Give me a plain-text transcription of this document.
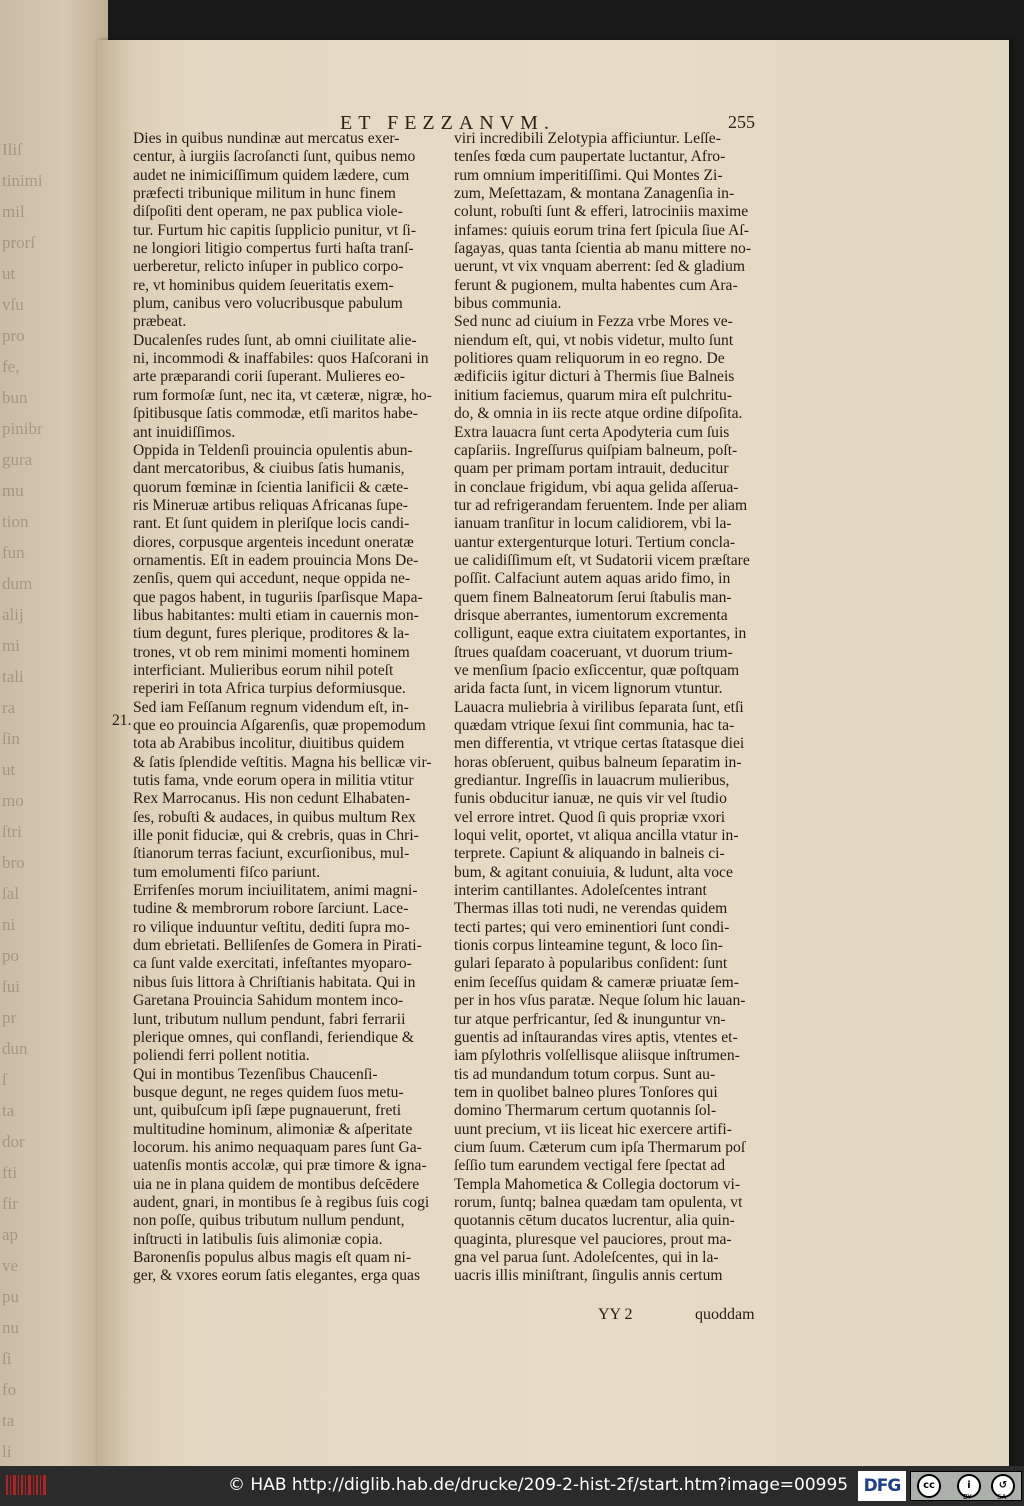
Iliſ
tinimi
mil
prorſ
ut
vſu
pro
fe,
bun
pinibr
gura
mu
tion
fun
dum
alij
mi
tali
ra
ſin
ut
mo
ſtri
bro
ſal
ni
po
ſui
pr
dun
ſ
ta
dor
fti
fir
ap
ve
pu
nu
ſi
fo
ta
li
ET FEZZANVM.	255
Dies in quibus nundinæ aut mercatus exer-
centur, à iurgiis ſacroſancti ſunt, quibus nemo
audet ne inimiciſſimum quidem lædere, cum
præfecti tribunique militum in hunc finem
diſpoſiti dent operam, ne pax publica viole-
tur. Furtum hic capitis ſupplicio punitur, vt ſi-
ne longiori litigio compertus furti haſta tranſ-
uerberetur, relicto inſuper in publico corpo-
re, vt hominibus quidem ſeueritatis exem-
plum, canibus vero volucribusque pabulum
præbeat.
Ducalenſes rudes ſunt, ab omni ciuilitate alie-
ni, incommodi & inaffabiles: quos Haſcorani in
arte præparandi corii ſuperant. Mulieres eo-
rum formoſæ ſunt, nec ita, vt cæteræ, nigræ, ho-
ſpitibusque ſatis commodæ, etſi maritos habe-
ant inuidiſſimos.
Oppida in Teldenſi prouincia opulentis abun-
dant mercatoribus, & ciuibus ſatis humanis,
quorum fœminæ in ſcientia lanificii & cæte-
ris Mineruæ artibus reliquas Africanas ſupe-
rant. Et ſunt quidem in pleriſque locis candi-
diores, corpusque argenteis incedunt oneratæ
ornamentis. Eſt in eadem prouincia Mons De-
zenſis, quem qui accedunt, neque oppida ne-
que pagos habent, in tuguriis ſparſisque Mapa-
libus habitantes: multi etiam in cauernis mon-
tium degunt, fures plerique, proditores & la-
trones, vt ob rem minimi momenti hominem
interficiant. Mulieribus eorum nihil poteſt
reperiri in tota Africa turpius deformiusque.
Sed iam Feſſanum regnum videndum eſt, in-
que eo prouincia Aſgarenſis, quæ propemodum
tota ab Arabibus incolitur, diuitibus quidem
& ſatis ſplendide veſtitis. Magna his bellicæ vir-
tutis fama, vnde eorum opera in militia vtitur
Rex Marrocanus. His non cedunt Elhabaten-
ſes, robuſti & audaces, in quibus multum Rex
ille ponit fiduciæ, qui & crebris, quas in Chri-
ſtianorum terras faciunt, excurſionibus, mul-
tum emolumenti fiſco pariunt.
Errifenſes morum inciuilitatem, animi magni-
tudine & membrorum robore ſarciunt. Lace-
ro vilique induuntur veſtitu, dediti ſupra mo-
dum ebrietati. Belliſenſes de Gomera in Pirati-
ca ſunt valde exercitati, infeſtantes myoparo-
nibus ſuis littora à Chriſtianis habitata. Qui in
Garetana Prouincia Sahidum montem inco-
lunt, tributum nullum pendunt, fabri ferrarii
plerique omnes, qui conflandi, feriendique &
poliendi ferri pollent notitia.
Qui in montibus Tezenſibus Chaucenſi-
busque degunt, ne reges quidem ſuos metu-
unt, quibuſcum ipſi ſæpe pugnauerunt, freti
multitudine hominum, alimoniæ & aſperitate
locorum. his animo nequaquam pares ſunt Ga-
uatenſis montis accolæ, qui præ timore & igna-
uia ne in plana quidem de montibus deſcēdere
audent, gnari, in montibus ſe à regibus ſuis cogi
non poſſe, quibus tributum nullum pendunt,
inſtructi in latibulis ſuis alimoniæ copia.
Baronenſis populus albus magis eſt quam ni-
ger, & vxores eorum ſatis elegantes, erga quas
21.
viri incredibili Zelotypia afficiuntur. Leſſe-
tenſes fœda cum paupertate luctantur, Afro-
rum omnium imperitiſſimi. Qui Montes Zi-
zum, Meſettazam, & montana Zanagenſia in-
colunt, robuſti ſunt & efferi, latrociniis maxime
infames: quiuis eorum trina fert ſpicula ſiue Aſ-
ſagayas, quas tanta ſcientia ab manu mittere no-
uerunt, vt vix vnquam aberrent: ſed & gladium
ferunt & pugionem, multa habentes cum Ara-
bibus communia.
Sed nunc ad ciuium in Fezza vrbe Mores ve-
niendum eſt, qui, vt nobis videtur, multo ſunt
politiores quam reliquorum in eo regno. De
ædificiis igitur dicturi à Thermis ſiue Balneis
initium faciemus, quarum mira eſt pulchritu-
do, & omnia in iis recte atque ordine diſpoſita.
Extra lauacra ſunt certa Apodyteria cum ſuis
capſariis. Ingreſſurus quiſpiam balneum, poſt-
quam per primam portam intrauit, deducitur
in conclaue frigidum, vbi aqua gelida aſſerua-
tur ad refrigerandam feruentem. Inde per aliam
ianuam tranſitur in locum calidiorem, vbi la-
uantur extergenturque loturi. Tertium concla-
ue calidiſſimum eſt, vt Sudatorii vicem præſtare
poſſit. Calfaciunt autem aquas arido fimo, in
quem finem Balneatorum ſerui ſtabulis man-
drisque aberrantes, iumentorum excrementa
colligunt, eaque extra ciuitatem exportantes, in
ſtrues quaſdam coaceruant, vt duorum trium-
ve menſium ſpacio exſiccentur, quæ poſtquam
arida facta ſunt, in vicem lignorum vtuntur.
Lauacra muliebria à virilibus ſeparata ſunt, etſi
quædam vtrique ſexui ſint communia, hac ta-
men differentia, vt vtrique certas ſtatasque diei
horas obſeruent, quibus balneum ſeparatim in-
grediantur. Ingreſſis in lauacrum mulieribus,
funis obducitur ianuæ, ne quis vir vel ſtudio
vel errore intret. Quod ſi quis propriæ vxori
loqui velit, oportet, vt aliqua ancilla vtatur in-
terprete. Capiunt & aliquando in balneis ci-
bum, & agitant conuiuia, & ludunt, alta voce
interim cantillantes. Adoleſcentes intrant
Thermas illas toti nudi, ne verendas quidem
tecti partes; qui vero eminentiori ſunt condi-
tionis corpus linteamine tegunt, & loco ſin-
gulari ſeparato à popularibus conſident: ſunt
enim ſeceſſus quidam & cameræ priuatæ ſem-
per in hos vſus paratæ. Neque ſolum hic lauan-
tur atque perfricantur, ſed & inunguntur vn-
guentis ad inſtaurandas vires aptis, vtentes et-
iam pſylothris volſellisque aliisque inſtrumen-
tis ad mundandum totum corpus. Sunt au-
tem in quolibet balneo plures Tonſores qui
domino Thermarum certum quotannis ſol-
uunt precium, vt iis liceat hic exercere artifi-
cium ſuum. Cæterum cum ipſa Thermarum poſ
ſeſſio tum earundem vectigal fere ſpectat ad
Templa Mahometica & Collegia doctorum vi-
rorum, ſuntq; balnea quædam tam opulenta, vt
quotannis cētum ducatos lucrentur, alia quin-
quaginta, pluresque vel pauciores, prout ma-
gna vel parua ſunt. Adoleſcentes, qui in la-
uacris illis miniſtrant, ſingulis annis certum
YY 2	quoddam
© HAB http://diglib.hab.de/drucke/209-2-hist-2f/start.htm?image=00995 DFG	cc	i	↺
BY	SA
